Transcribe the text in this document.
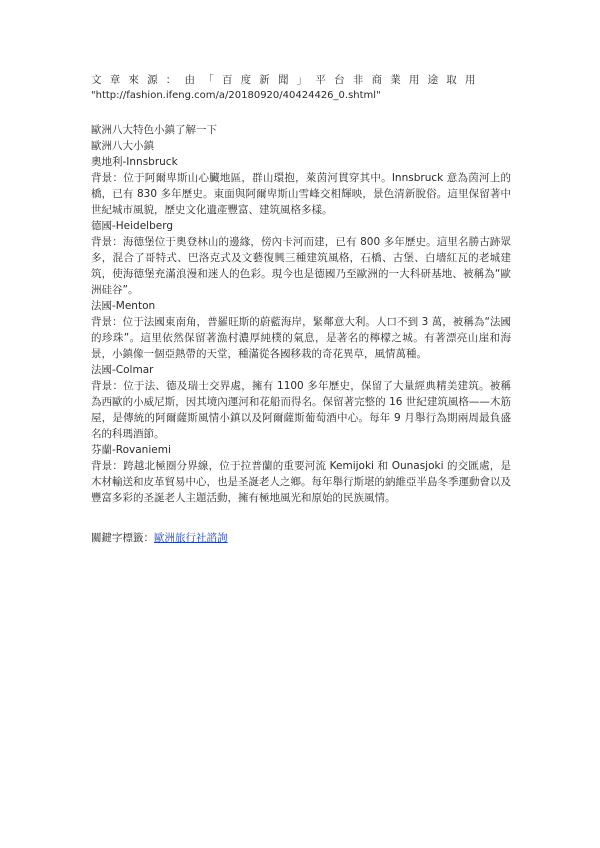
文章來源：由「百度新聞」平台非商業用途取用
"http://fashion.ifeng.com/a/20180920/40424426_0.shtml"
歐洲八大特色小鎮了解一下
歐洲八大小鎮
奧地利-Innsbruck
背景：位于阿爾卑斯山心臟地區，群山環抱，萊茵河貫穿其中。Innsbruck 意為茵河上的橋，已有 830 多年歷史。東面與阿爾卑斯山雪峰交相輝映，景色清新脫俗。這里保留著中世紀城市風貌，歷史文化遺產豐富、建筑風格多樣。
德國-Heidelberg
背景：海德堡位于奧登林山的邊緣，傍內卡河而建，已有 800 多年歷史。這里名勝古跡眾多，混合了哥特式、巴洛克式及文藝復興三種建筑風格，石橋、古堡、白墻紅瓦的老城建筑，使海德堡充滿浪漫和迷人的色彩。現今也是德國乃至歐洲的一大科研基地、被稱為“歐洲硅谷”。
法國-Menton
背景：位于法國東南角，普羅旺斯的蔚藍海岸，緊鄰意大利。人口不到 3 萬，被稱為“法國的珍珠”。這里依然保留著漁村濃厚純樸的氣息，是著名的檸檬之城。有著漂亮山崖和海景，小鎮像一個亞熱帶的天堂，種滿從各國移栽的奇花異草，風情萬種。
法國-Colmar
背景：位于法、德及瑞士交界處，擁有 1100 多年歷史，保留了大量經典精美建筑。被稱為西歐的小威尼斯，因其境內運河和花船而得名。保留著完整的 16 世紀建筑風格——木筋屋，是傳統的阿爾薩斯風情小鎮以及阿爾薩斯葡萄酒中心。每年 9 月舉行為期兩周最負盛名的科瑪酒節。
芬蘭-Rovaniemi
背景：跨越北極圈分界線，位于拉普蘭的重要河流 Kemijoki 和 Ounasjoki 的交匯處，是木材輸送和皮革貿易中心，也是圣誕老人之鄉。每年舉行斯堪的納維亞半島冬季運動會以及豐富多彩的圣誕老人主題活動，擁有極地風光和原始的民族風情。
關鍵字標籤：歐洲旅行社諮詢
